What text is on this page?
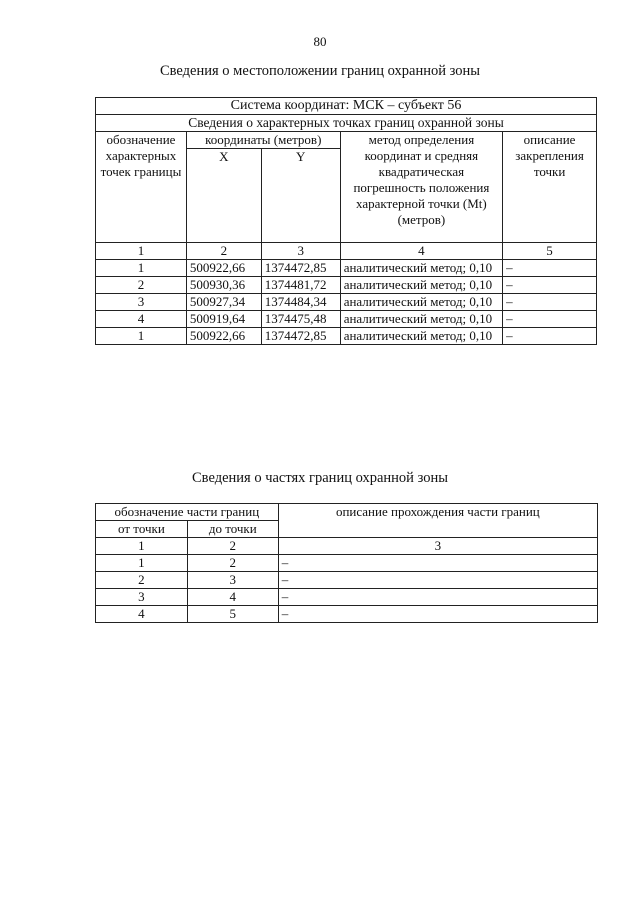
80
Сведения о местоположении границ охранной зоны
Система координат: МСК – субъект 56				
Сведения о характерных точках границ охранной зоны				
обозначение характерных точек границы	координаты (метров)		метод определения координат и средняя квадратическая погрешность положения характерной точки (Mt) (метров)	описание закрепления точки
	X	Y		
1	2	3	4	5
1	500922,66	1374472,85	аналитический метод; 0,10	–
2	500930,36	1374481,72	аналитический метод; 0,10	–
3	500927,34	1374484,34	аналитический метод; 0,10	–
4	500919,64	1374475,48	аналитический метод; 0,10	–
1	500922,66	1374472,85	аналитический метод; 0,10	–
Сведения о частях границ охранной зоны
обозначение части границ		описание прохождения части границ
от точки	до точки	
1	2	3
1	2	–
2	3	–
3	4	–
4	5	–
